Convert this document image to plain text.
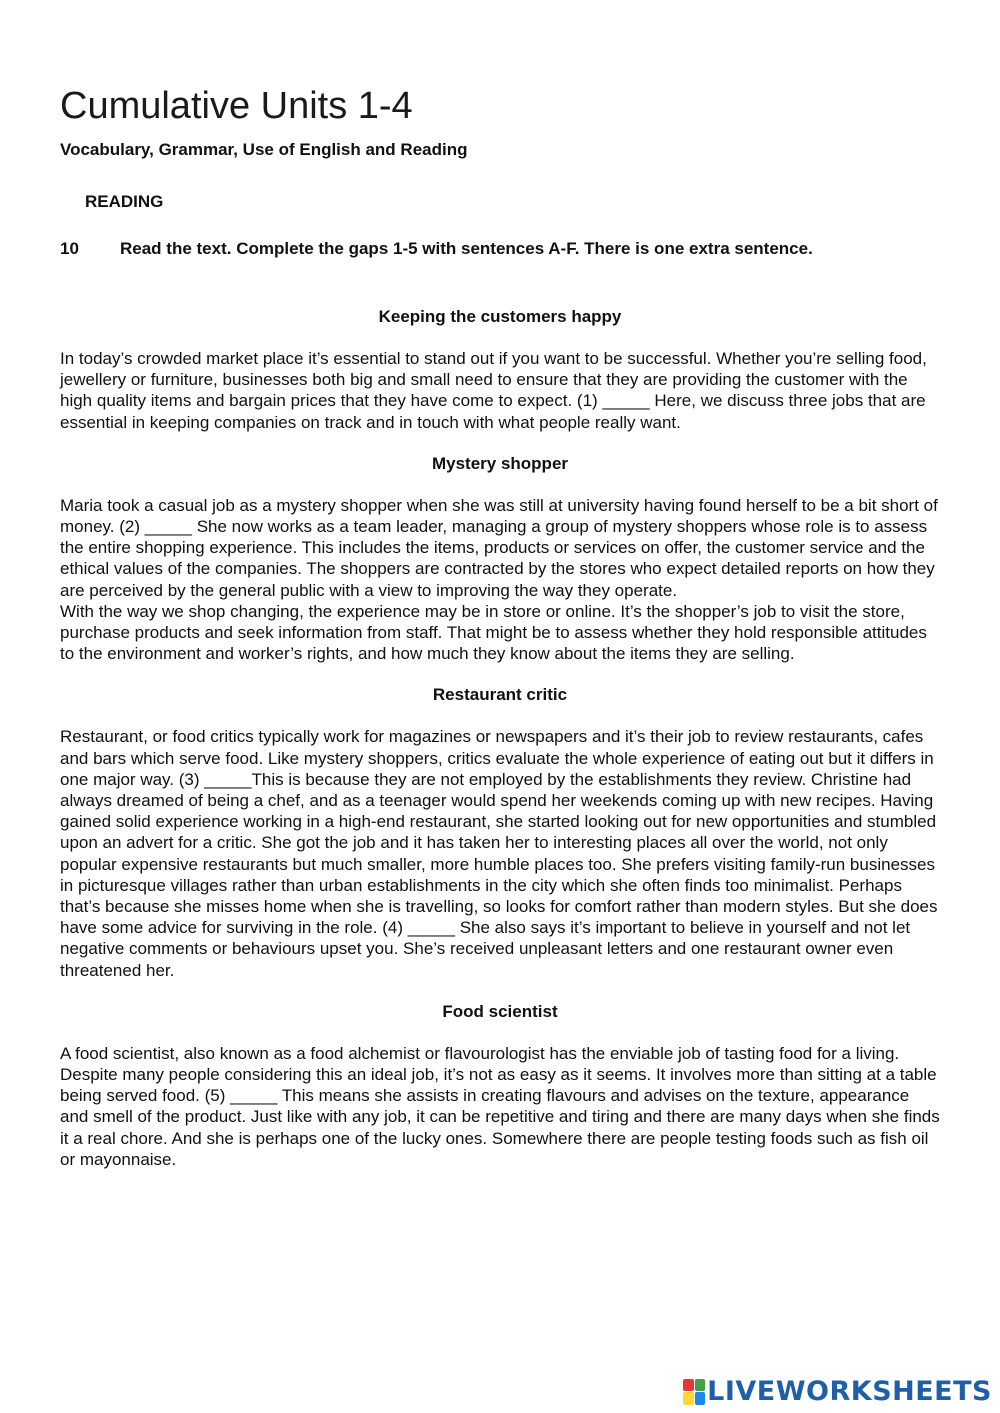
Cumulative Units 1-4
Vocabulary, Grammar, Use of English and Reading
READING
10	Read the text. Complete the gaps 1-5 with sentences A-F. There is one extra sentence.
Keeping the customers happy

In today’s crowded market place it’s essential to stand out if you want to be successful. Whether you’re selling food, jewellery or furniture, businesses both big and small need to ensure that they are providing the customer with the high quality items and bargain prices that they have come to expect. (1) _____ Here, we discuss three jobs that are essential in keeping companies on track and in touch with what people really want.

Mystery shopper

Maria took a casual job as a mystery shopper when she was still at university having found herself to be a bit short of money. (2) _____ She now works as a team leader, managing a group of mystery shoppers whose role is to assess the entire shopping experience. This includes the items, products or services on offer, the customer service and the ethical values of the companies. The shoppers are contracted by the stores who expect detailed reports on how they are perceived by the general public with a view to improving the way they operate.

With the way we shop changing, the experience may be in store or online. It’s the shopper’s job to visit the store, purchase products and seek information from staff. That might be to assess whether they hold responsible attitudes to the environment and worker’s rights, and how much they know about the items they are selling.

Restaurant critic

Restaurant, or food critics typically work for magazines or newspapers and it’s their job to review restaurants, cafes and bars which serve food. Like mystery shoppers, critics evaluate the whole experience of eating out but it differs in one major way. (3) _____This is because they are not employed by the establishments they review. Christine had always dreamed of being a chef, and as a teenager would spend her weekends coming up with new recipes. Having gained solid experience working in a high-end restaurant, she started looking out for new opportunities and stumbled upon an advert for a critic. She got the job and it has taken her to interesting places all over the world, not only popular expensive restaurants but much smaller, more humble places too. She prefers visiting family-run businesses in picturesque villages rather than urban establishments in the city which she often finds too minimalist. Perhaps that’s because she misses home when she is travelling, so looks for comfort rather than modern styles. But she does have some advice for surviving in the role. (4) _____ She also says it’s important to believe in yourself and not let negative comments or behaviours upset you. She’s received unpleasant letters and one restaurant owner even threatened her.

Food scientist

A food scientist, also known as a food alchemist or flavourologist has the enviable job of tasting food for a living. Despite many people considering this an ideal job, it’s not as easy as it seems. It involves more than sitting at a table being served food. (5) _____ This means she assists in creating flavours and advises on the texture, appearance and smell of the product. Just like with any job, it can be repetitive and tiring and there are many days when she finds it a real chore. And she is perhaps one of the lucky ones. Somewhere there are people testing foods such as fish oil or mayonnaise.

LIVEWORKSHEETS
